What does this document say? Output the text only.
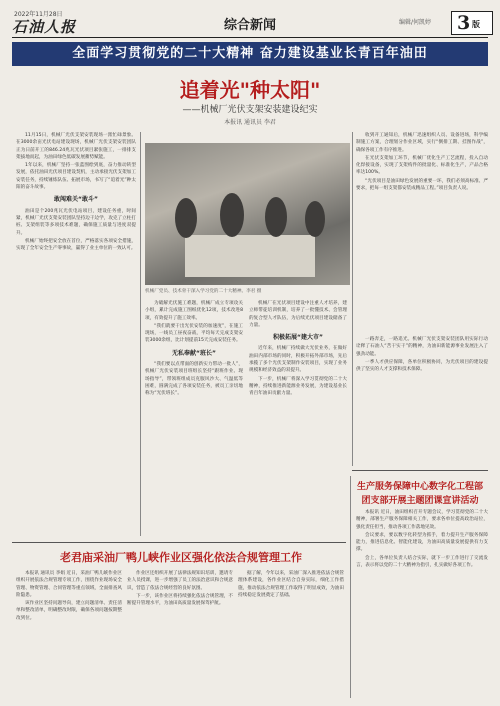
2022年11月28日
石油人报	综合新闻	编辑/何凯婷 3 版
全面学习贯彻党的二十大精神 奋力建设基业长青百年油田
追着光"种太阳"
——机械厂光伏支架安装建设纪实
本报讯 通讯员 李君

11月15日，机械厂光伏支架安装现场一派忙碌景象。在3000余亩光伏电站建设现场，机械厂光伏支架安装团队正为日前开工的846.24兆瓦光伏项目紧张施工，一排排支架拔地而起，为油田绿色低碳发展蓄势赋能。

1年以来，机械厂坚持一张蓝图绘到底，奋力推动转型发展，依托油田光伏项目建设契机，主动承接光伏支架加工安装任务，持续锤炼队伍、拓展市场，书写了“追着光”种太阳的奋斗故事。

敢闯难关“敢斗”

油田是个200兆瓦光伏电站项目，建设任务重，时间紧，机械厂光伏支架安装团队坚持边干边学，攻克了立柱打桩、支架组装等多项技术难题，确保施工质量与进度双提升。

机械厂始终把安全放在首位，严格落实各项安全措施，实现了全年安全生产零事故，赢得了业主单位的一致认可。

机械厂党员、技术骨干深入学习党的二十大精神。李君 摄

为破解光伏施工难题，机械厂成立专项攻关小组，累计完成施工图纸优化12项，技术改进8项，有效提升了施工效率。

“我们就要干出光伏安装的加速度”，在施工现场，一线员工昼夜奋战，平均每天完成支架安装3000余组，比计划提前15天完成安装任务。

无私奉献“班长”

“我们要以点带面的创新实力带动一批人”，机械厂光伏安装项目班组长坚持“跟班作业、现场指导”，带领班组成员克服风沙大、气温低等困难，圆满完成了各项安装任务，被员工亲切地称为“光伏班长”。

机械厂在光伏项目建设中注重人才培养，建立师带徒培训机制，培养了一批懂技术、会管理的复合型人才队伍，为后续光伏项目建设储备了力量。

积极拓展“建大市”

近年来，机械厂持续做大光伏业务，在做好油田内部市场的同时，积极开拓外部市场，先后承揽了多个光伏支架制作安装项目，实现了业务规模和经济效益的双提升。

下一步，机械厂将深入学习贯彻党的二十大精神，持续推进新能源业务发展，为建设基业长青百年油田贡献力量。

收到开工通知后，机械厂迅速组织人员、设备进场，科学编制施工方案，合理划分作业区域，实行“倒排工期、挂图作战”，确保各项工作有序推进。

在光伏支架加工环节，机械厂优化生产工艺流程，投入自动化焊接设备，实现了支架构件的批量化、标准化生产，产品合格率达100%。

“光伏项目是油田绿色发展的重要一环，我们必须高标准、严要求，把每一组支架都安装成精品工程。”项目负责人说。

一路奔走，一路追光。机械厂光伏支架安装团队用实际行动诠释了石油人“苦干实干”的精神，为油田新能源事业发展注入了强劲动能。

一季人才供应保障，各单位积极协同，为光伏项目的建设提供了坚实的人才支撑和技术保障。

生产服务保障中心数字化工程部
团支部开展主题团课宣讲活动

本报讯 近日，油田组织召开专题会议，学习贯彻党的二十大精神，部署生产服务保障相关工作，要求各单位提高政治站位，强化责任担当，推动各项工作落地见效。

会议要求，要以数字化转型为抓手，着力提升生产服务保障能力，推进信息化、智能化建设，为油田高质量发展提供有力支撑。

会上，各单位负责人结合实际，就下一步工作进行了交流发言，表示将以党的二十大精神为指引，扎实做好各项工作。

老君庙采油厂鸭儿峡作业区强化依法合规管理工作

本报讯 通讯员 李娟 近日，采油厂鸭儿峡作业区组织开展依法合规管理专项工作，围绕作业现场安全管理、物资管理、合同管理等重点领域，全面排查风险隐患。

该作业区坚持问题导向，建立问题清单、责任清单和整改清单，明确整改时限，确保各项问题按期整改到位。

作业区还组织开展了法律法规知识培训，邀请专业人员授课，进一步增强了员工的法治意识和合规意识，营造了依法合规经营的良好氛围。

下一步，该作业区将持续强化依法合规管理，不断提升管理水平，为油田高质量发展保驾护航。

据了解，今年以来，采油厂深入推进依法合规管理体系建设，各作业区结合自身实际，细化工作措施，推动依法合规管理工作取得了明显成效，为油田持续稳定发展奠定了基础。
